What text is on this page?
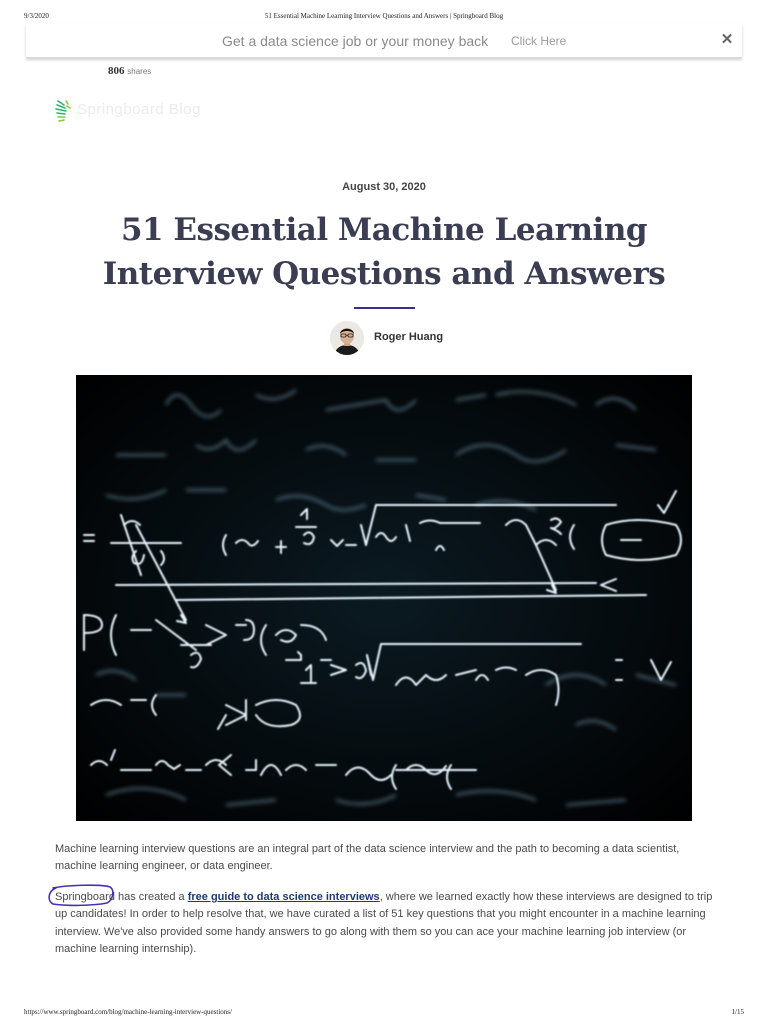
9/3/2020	51 Essential Machine Learning Interview Questions and Answers | Springboard Blog
Get a data science job or your money back Click Here	✕
806 shares
Springboard Blog
August 30, 2020
51 Essential Machine Learning Interview Questions and Answers
Roger Huang

Machine learning interview questions are an integral part of the data science interview and the path to becoming a data scientist, machine learning engineer, or data engineer.

Springboard
has created a free guide to data science interviews, where we learned exactly how these interviews are designed to trip up candidates! In order to help resolve that, we have curated a list of 51 key questions that you might encounter in a machine learning interview. We've also provided some handy answers to go along with them so you can ace your machine learning job interview (or machine learning internship).

https://www.springboard.com/blog/machine-learning-interview-questions/	1/15
